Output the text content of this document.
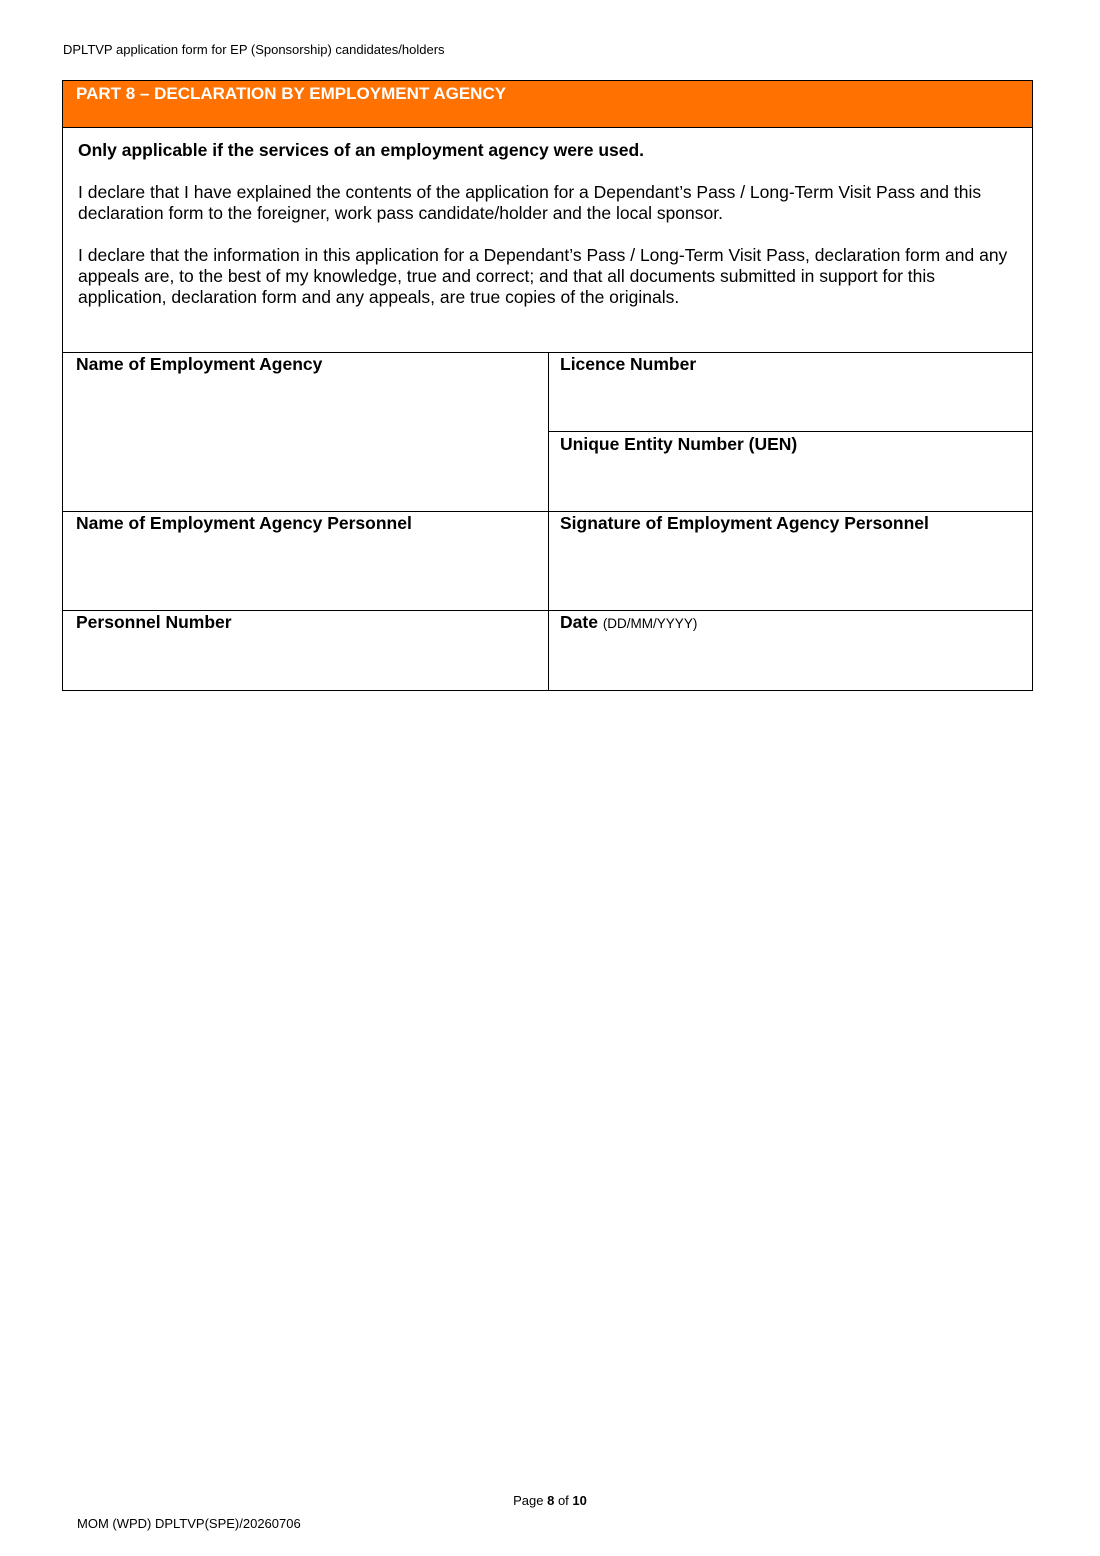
DPLTVP application form for EP (Sponsorship) candidates/holders
PART 8 – DECLARATION BY EMPLOYMENT AGENCY
Only applicable if the services of an employment agency were used.
I declare that I have explained the contents of the application for a Dependant’s Pass / Long-Term Visit Pass and this declaration form to the foreigner, work pass candidate/holder and the local sponsor.
I declare that the information in this application for a Dependant’s Pass / Long-Term Visit Pass, declaration form and any appeals are, to the best of my knowledge, true and correct; and that all documents submitted in support for this application, declaration form and any appeals, are true copies of the originals.
Name of Employment Agency	Licence Number
Unique Entity Number (UEN)
Name of Employment Agency Personnel	Signature of Employment Agency Personnel
Personnel Number	Date (DD/MM/YYYY)
Page 8 of 10
MOM (WPD) DPLTVP(SPE)/20260706
